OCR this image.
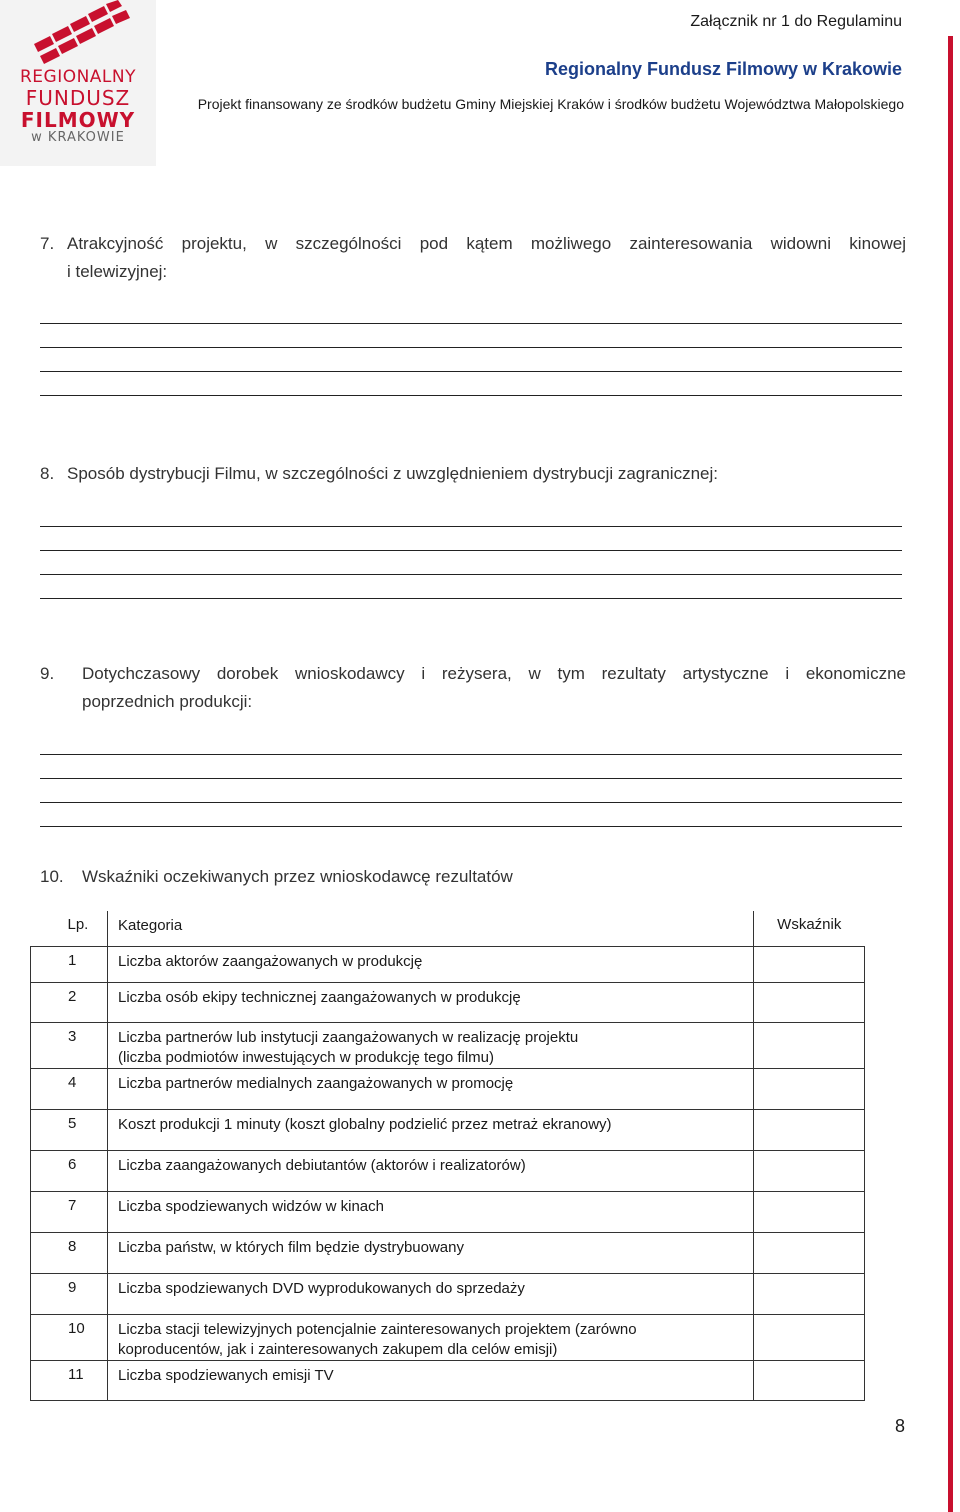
REGIONALNY
FUNDUSZ
FILMOWY
w KRAKOWIE
Załącznik nr 1 do Regulaminu
Regionalny Fundusz Filmowy w Krakowie
Projekt finansowany ze środków budżetu Gminy Miejskiej Kraków i środków budżetu Województwa Małopolskiego
7. Atrakcyjność projektu, w szczególności pod kątem możliwego zainteresowania widowni kinowej
i telewizyjnej:
8. Sposób dystrybucji Filmu, w szczególności z uwzględnieniem dystrybucji zagranicznej:
9. Dotychczasowy dorobek wnioskodawcy i reżysera, w tym rezultaty artystyczne i ekonomiczne
poprzednich produkcji:
10. Wskaźniki oczekiwanych przez wnioskodawcę rezultatów
Lp.	Kategoria	Wskaźnik
1	Liczba aktorów zaangażowanych w produkcję	
2	Liczba osób ekipy technicznej zaangażowanych w produkcję	
3	Liczba partnerów lub instytucji zaangażowanych w realizację projektu
(liczba podmiotów inwestujących w produkcję tego filmu)	

4	Liczba partnerów medialnych zaangażowanych w promocję	
5	Koszt produkcji 1 minuty (koszt globalny podzielić przez metraż ekranowy)	
6	Liczba zaangażowanych debiutantów (aktorów i realizatorów)	
7	Liczba spodziewanych widzów w kinach	
8	Liczba państw, w których film będzie dystrybuowany	
9	Liczba spodziewanych DVD wyprodukowanych do sprzedaży	
10	Liczba stacji telewizyjnych potencjalnie zainteresowanych projektem (zarówno
koproducentów, jak i zainteresowanych zakupem dla celów emisji)	

11	Liczba spodziewanych emisji TV	
8
